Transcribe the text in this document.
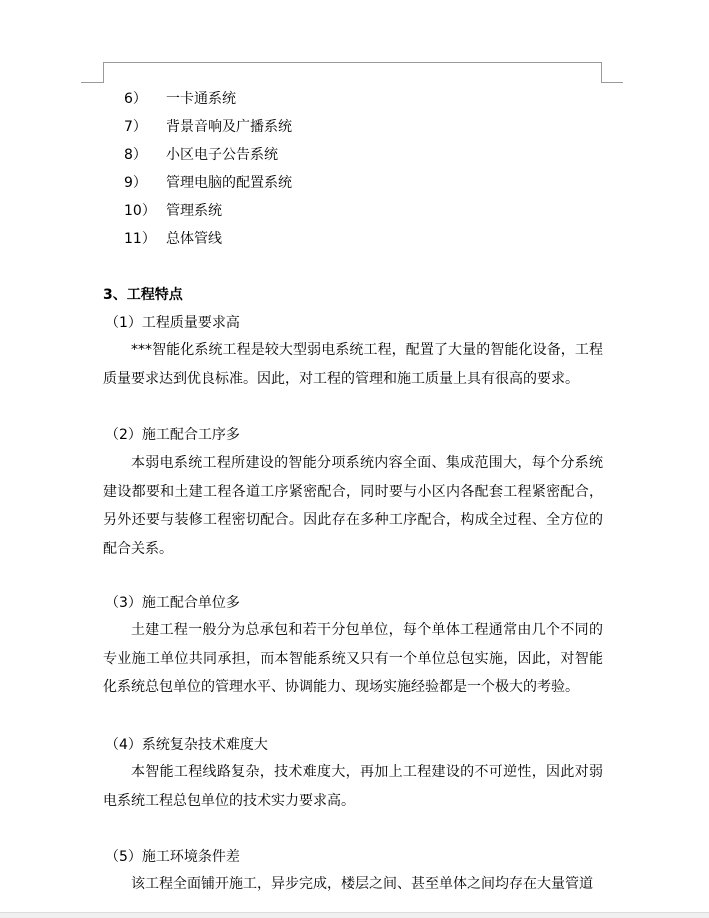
6） 一卡通系统
7） 背景音响及广播系统
8） 小区电子公告系统
9） 管理电脑的配置系统
10） 管理系统
11） 总体管线
3、工程特点
（1）工程质量要求高
***智能化系统工程是较大型弱电系统工程，配置了大量的智能化设备，工程质量要求达到优良标准。因此，对工程的管理和施工质量上具有很高的要求。
（2）施工配合工序多
本弱电系统工程所建设的智能分项系统内容全面、集成范围大，每个分系统建设都要和土建工程各道工序紧密配合，同时要与小区内各配套工程紧密配合，另外还要与装修工程密切配合。因此存在多种工序配合，构成全过程、全方位的配合关系。
（3）施工配合单位多
土建工程一般分为总承包和若干分包单位，每个单体工程通常由几个不同的专业施工单位共同承担，而本智能系统又只有一个单位总包实施，因此，对智能化系统总包单位的管理水平、协调能力、现场实施经验都是一个极大的考验。
（4）系统复杂技术难度大
本智能工程线路复杂，技术难度大，再加上工程建设的不可逆性，因此对弱电系统工程总包单位的技术实力要求高。
（5）施工环境条件差
该工程全面铺开施工，异步完成，楼层之间、甚至单体之间均存在大量管道
